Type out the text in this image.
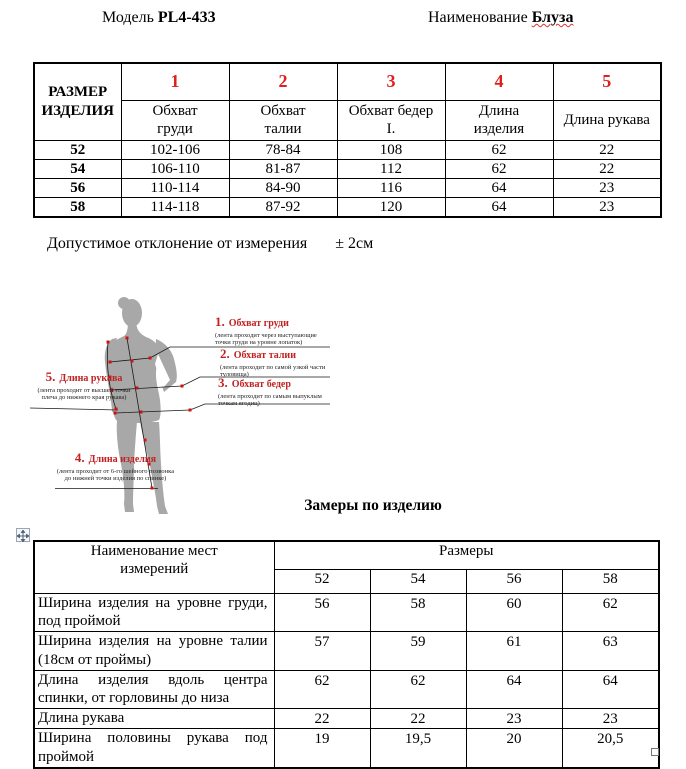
Модель PL4-433	Наименование Блуза
РАЗМЕР ИЗДЕЛИЯ	1	2	3	4	5

	Обхват груди	Обхват талии	Обхват бедер I.	Длина изделия	Длина рукава

52	102-106	78-84	108	62	22
54	106-110	81-87	112	62	22
56	110-114	84-90	116	64	23
58	114-118	87-92	120	64	23
Допустимое отклонение от измерения ± 2см
1. Обхват груди
(лента проходит через выступающие точки груди на уровне лопаток)
2. Обхват талии
(лента проходит по самой узкой части туловища)
3. Обхват бедер
(лента проходит по самым выпуклым точкам ягодиц)
5. Длина рукава
(лента проходит от высшей точки плеча до нижнего края рукава)
4. Длина изделия
(лента проходит от 6-го шейного позвонка до нижней точки изделия по спинке)
Замеры по изделию
Наименование мест измерений	Размеры			
	52	54	56	58
Ширина изделия на уровне груди, под проймой	56	58	60	62
Ширина изделия на уровне талии (18см от проймы)	57	59	61	63
Длина изделия вдоль центра спинки, от горловины до низа	62	62	64	64
Длина рукава	22	22	23	23
Ширина половины рукава под проймой	19	19,5	20	20,5
